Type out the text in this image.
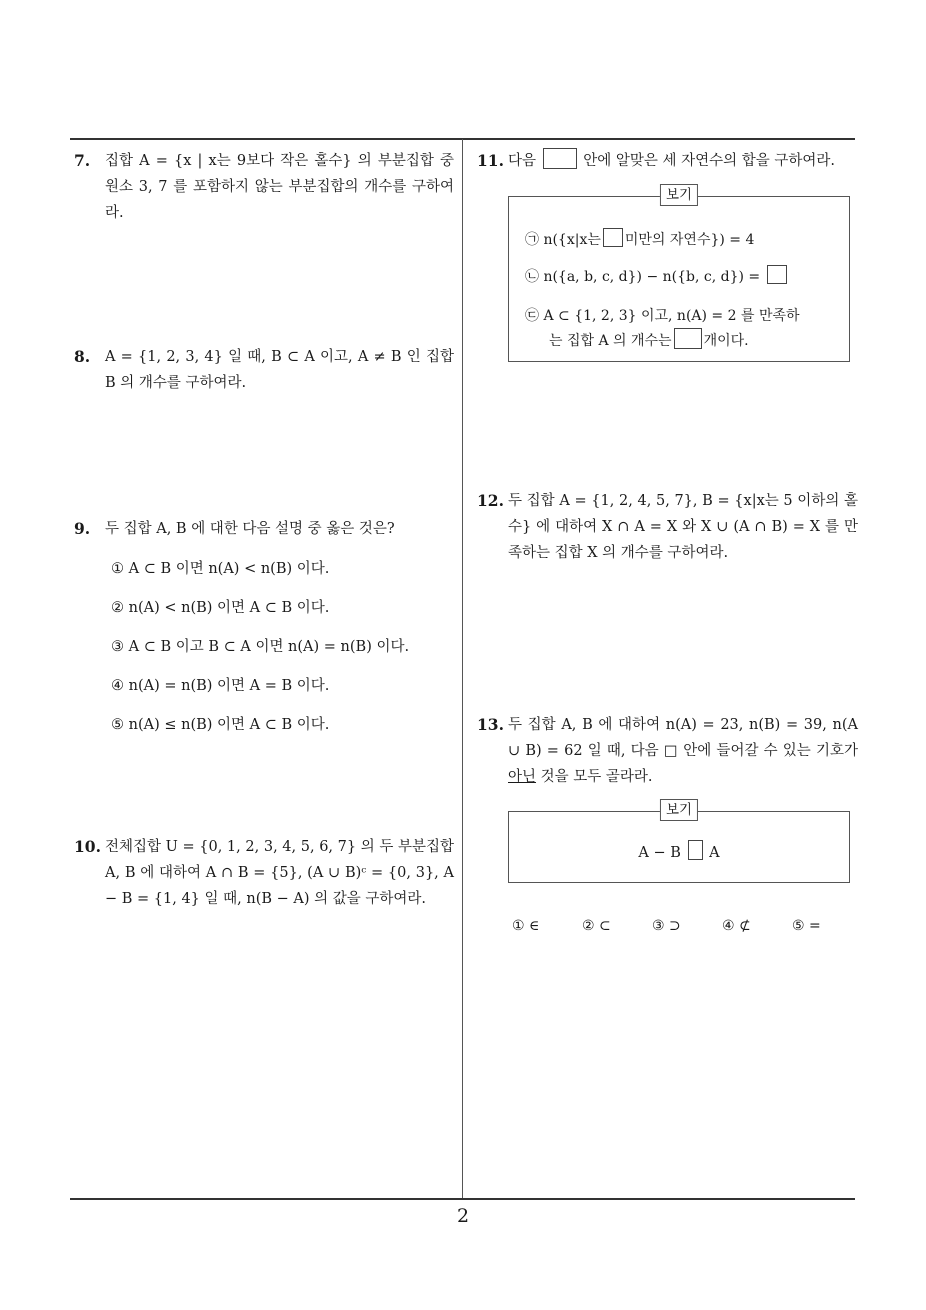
7. 집합 A = {x | x는 9보다 작은 홀수} 의 부분집합 중 원소 3, 7 를 포함하지 않는 부분집합의 개수를 구하여라.
8. A = {1, 2, 3, 4} 일 때, B ⊂ A 이고, A ≠ B 인 집합 B 의 개수를 구하여라.
9. 두 집합 A, B 에 대한 다음 설명 중 옳은 것은?
① A ⊂ B 이면 n(A) < n(B) 이다.
② n(A) < n(B) 이면 A ⊂ B 이다.
③ A ⊂ B 이고 B ⊂ A 이면 n(A) = n(B) 이다.
④ n(A) = n(B) 이면 A = B 이다.
⑤ n(A) ≤ n(B) 이면 A ⊂ B 이다.
10. 전체집합 U = {0, 1, 2, 3, 4, 5, 6, 7} 의 두 부분집합 A, B 에 대하여 A ∩ B = {5}, (A ∪ B)ᶜ = {0, 3}, A − B = {1, 4} 일 때, n(B − A) 의 값을 구하여라.
11. 다음	안에 알맞은 세 자연수의 합을 구하여라.
보기
㉠ n({x|x는 미만의 자연수}) = 4
㉡ n({a, b, c, d}) − n({b, c, d}) =
㉢ A ⊂ {1, 2, 3} 이고, n(A) = 2 를 만족하
는 집합 A 의 개수는 개이다.
12. 두 집합 A = {1, 2, 4, 5, 7}, B = {x|x는 5 이하의 홀수} 에 대하여 X ∩ A = X 와 X ∪ (A ∩ B) = X 를 만족하는 집합 X 의 개수를 구하여라.
13. 두 집합 A, B 에 대하여 n(A) = 23, n(B) = 39, n(A ∪ B) = 62 일 때, 다음 □ 안에 들어갈 수 있는 기호가 아닌 것을 모두 골라라.
보기
A − B A
① ∈	② ⊂	③ ⊃	④ ⊄	⑤ =
2
